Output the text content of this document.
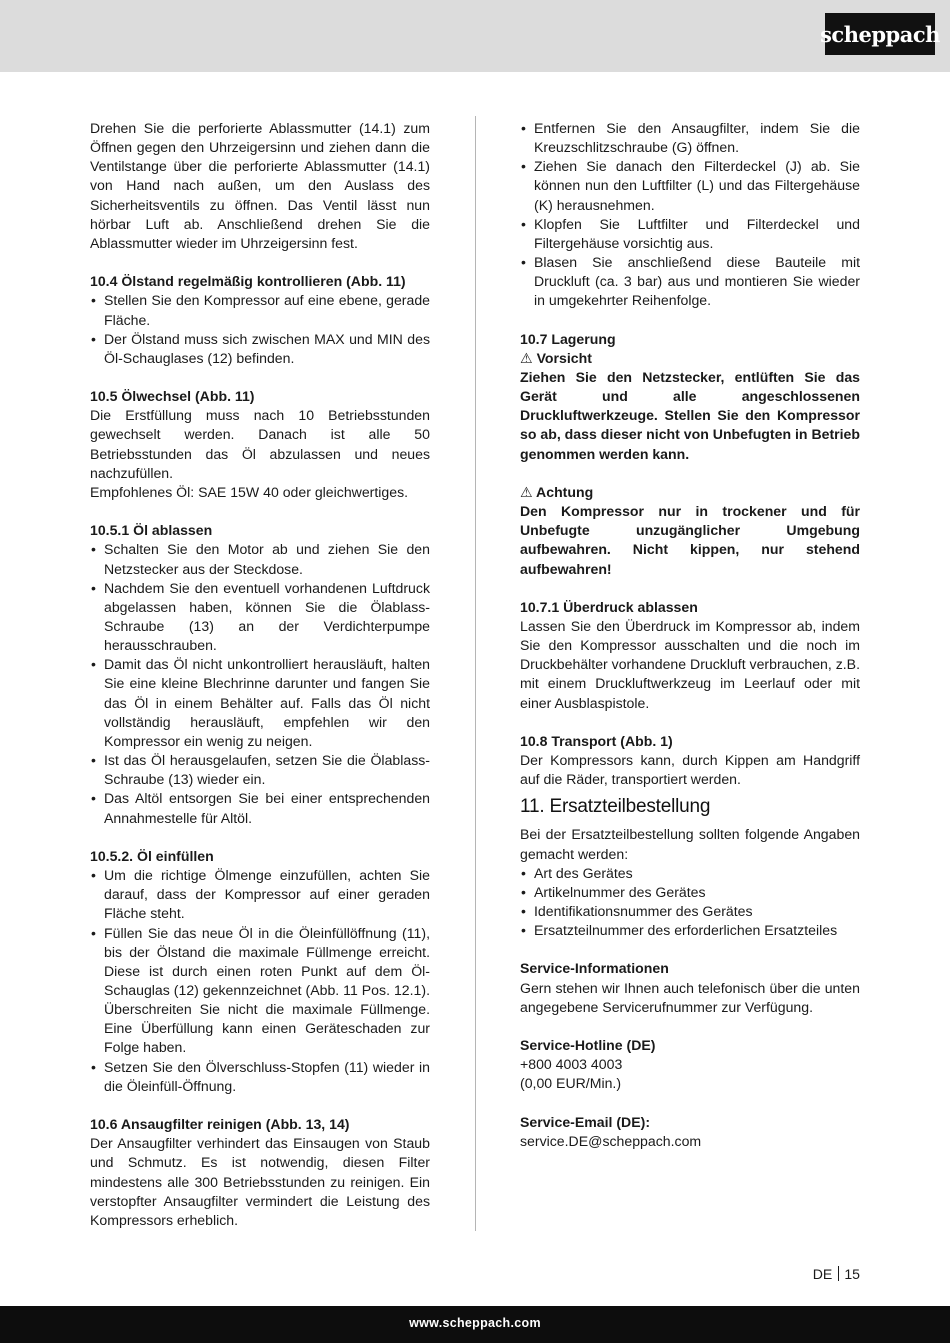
scheppach

Drehen Sie die perforierte Ablassmutter (14.1) zum Öffnen gegen den Uhrzeigersinn und ziehen dann die Ventilstange über die perforierte Ablassmutter (14.1) von Hand nach außen, um den Auslass des Sicherheitsventils zu öffnen. Das Ventil lässt nun hörbar Luft ab. Anschließend drehen Sie die Ablassmutter wieder im Uhrzeigersinn fest.

10.4 Ölstand regelmäßig kontrollieren (Abb. 11)

• Stellen Sie den Kompressor auf eine ebene, gerade Fläche.
• Der Ölstand muss sich zwischen MAX und MIN des Öl-Schauglases (12) befinden.

10.5 Ölwechsel (Abb. 11)

Die Erstfüllung muss nach 10 Betriebsstunden gewechselt werden. Danach ist alle 50 Betriebsstunden das Öl abzulassen und neues nachzufüllen.

Empfohlenes Öl: SAE 15W 40 oder gleichwertiges.

10.5.1 Öl ablassen

• Schalten Sie den Motor ab und ziehen Sie den Netzstecker aus der Steckdose.
• Nachdem Sie den eventuell vorhandenen Luftdruck abgelassen haben, können Sie die Ölablass-Schraube (13) an der Verdichterpumpe herausschrauben.
• Damit das Öl nicht unkontrolliert herausläuft, halten Sie eine kleine Blechrinne darunter und fangen Sie das Öl in einem Behälter auf. Falls das Öl nicht vollständig herausläuft, empfehlen wir den Kompressor ein wenig zu neigen.
• Ist das Öl herausgelaufen, setzen Sie die Ölablass-Schraube (13) wieder ein.
• Das Altöl entsorgen Sie bei einer entsprechenden Annahmestelle für Altöl.

10.5.2. Öl einfüllen

• Um die richtige Ölmenge einzufüllen, achten Sie darauf, dass der Kompressor auf einer geraden Fläche steht.
• Füllen Sie das neue Öl in die Öleinfüllöffnung (11), bis der Ölstand die maximale Füllmenge erreicht. Diese ist durch einen roten Punkt auf dem Öl-Schauglas (12) gekennzeichnet (Abb. 11 Pos. 12.1). Überschreiten Sie nicht die maximale Füllmenge. Eine Überfüllung kann einen Geräteschaden zur Folge haben.
• Setzen Sie den Ölverschluss-Stopfen (11) wieder in die Öleinfüll-Öffnung.

10.6 Ansaugfilter reinigen (Abb. 13, 14)

Der Ansaugfilter verhindert das Einsaugen von Staub und Schmutz. Es ist notwendig, diesen Filter mindestens alle 300 Betriebsstunden zu reinigen. Ein verstopfter Ansaugfilter vermindert die Leistung des Kompressors erheblich.

• Entfernen Sie den Ansaugfilter, indem Sie die Kreuzschlitzschraube (G) öffnen.
• Ziehen Sie danach den Filterdeckel (J) ab. Sie können nun den Luftfilter (L) und das Filtergehäuse (K) herausnehmen.
• Klopfen Sie Luftfilter und Filterdeckel und Filtergehäuse vorsichtig aus.
• Blasen Sie anschließend diese Bauteile mit Druckluft (ca. 3 bar) aus und montieren Sie wieder in umgekehrter Reihenfolge.

10.7 Lagerung

⚠ Vorsicht

Ziehen Sie den Netzstecker, entlüften Sie das Gerät und alle angeschlossenen Druckluftwerkzeuge. Stellen Sie den Kompressor so ab, dass dieser nicht von Unbefugten in Betrieb genommen werden kann.

⚠ Achtung

Den Kompressor nur in trockener und für Unbefugte unzugänglicher Umgebung aufbewahren. Nicht kippen, nur stehend aufbewahren!

10.7.1 Überdruck ablassen

Lassen Sie den Überdruck im Kompressor ab, indem Sie den Kompressor ausschalten und die noch im Druckbehälter vorhandene Druckluft verbrauchen, z.B. mit einem Druckluftwerkzeug im Leerlauf oder mit einer Ausblaspistole.

10.8 Transport (Abb. 1)

Der Kompressors kann, durch Kippen am Handgriff auf die Räder, transportiert werden.

11. Ersatzteilbestellung

Bei der Ersatzteilbestellung sollten folgende Angaben gemacht werden:

• Art des Gerätes
• Artikelnummer des Gerätes
• Identifikationsnummer des Gerätes
• Ersatzteilnummer des erforderlichen Ersatzteiles

Service-Informationen

Gern stehen wir Ihnen auch telefonisch über die unten angegebene Servicerufnummer zur Verfügung.

Service-Hotline (DE)

+800 4003 4003

(0,00 EUR/Min.)

Service-Email (DE):

service.DE@scheppach.com

DE 15
www.scheppach.com
